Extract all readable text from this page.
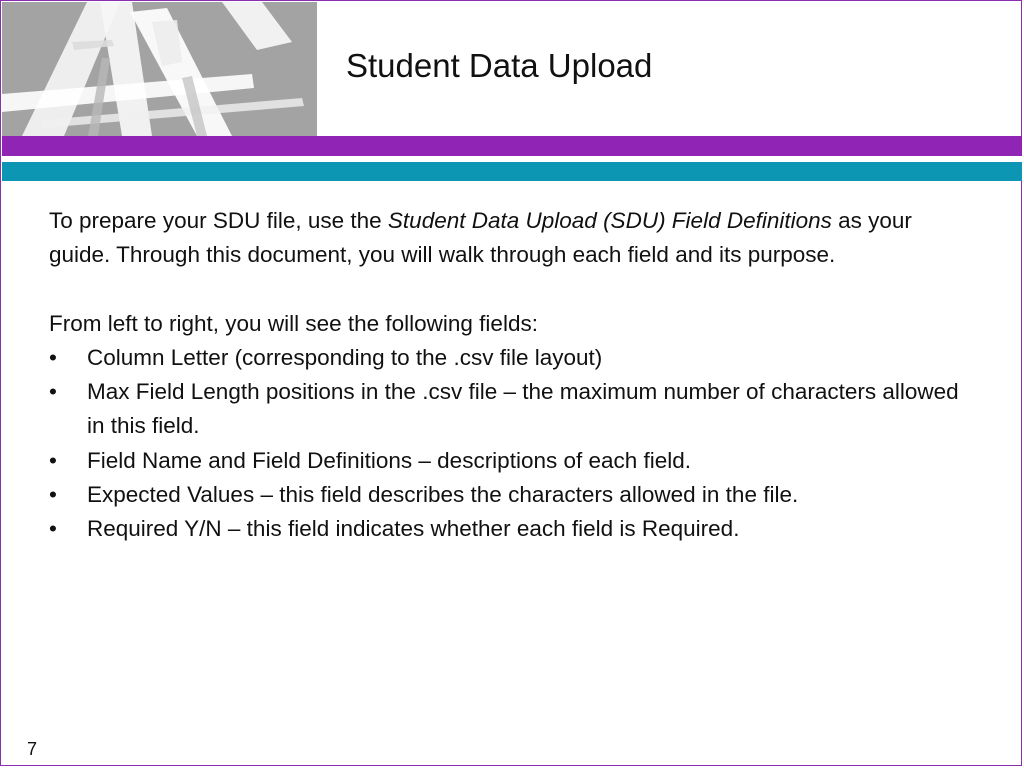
Student Data Upload

To prepare your SDU file, use the Student Data Upload (SDU) Field Definitions as your guide. Through this document, you will walk through each field and its purpose.

From left to right, you will see the following fields:

•	Column Letter (corresponding to the .csv file layout)
•	Max Field Length positions in the .csv file – the maximum number of characters allowed in this field.
•	Field Name and Field Definitions – descriptions of each field.
•	Expected Values – this field describes the characters allowed in the file.
•	Required Y/N – this field indicates whether each field is Required.
7
